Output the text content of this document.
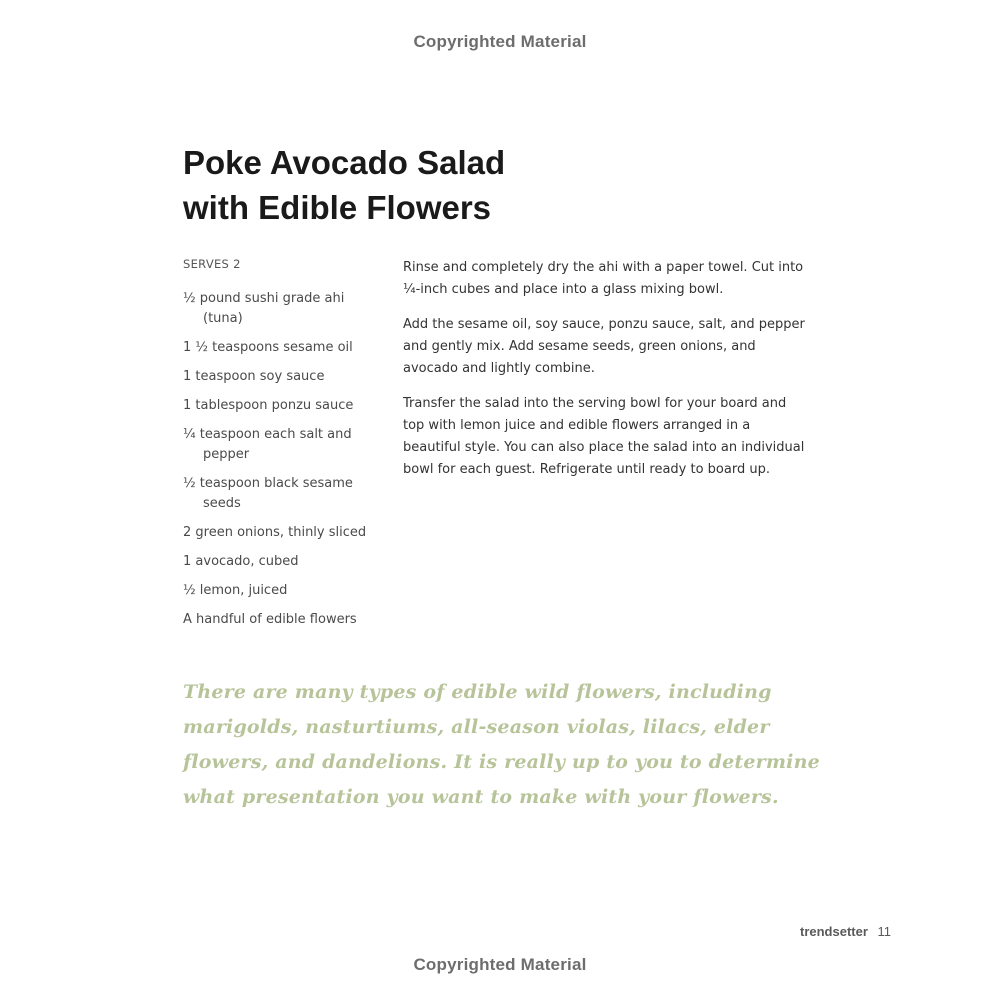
Copyrighted Material
Poke Avocado Salad
with Edible Flowers
SERVES 2
½ pound sushi grade ahi (tuna)
1 ½ teaspoons sesame oil
1 teaspoon soy sauce
1 tablespoon ponzu sauce
¼ teaspoon each salt and pepper
½ teaspoon black sesame seeds
2 green onions, thinly sliced
1 avocado, cubed
½ lemon, juiced
A handful of edible flowers

Rinse and completely dry the ahi with a paper towel. Cut into ¼-inch cubes and place into a glass mixing bowl.

Add the sesame oil, soy sauce, ponzu sauce, salt, and pepper and gently mix. Add sesame seeds, green onions, and avocado and lightly combine.

Transfer the salad into the serving bowl for your board and top with lemon juice and edible flowers arranged in a beautiful style. You can also place the salad into an individual bowl for each guest. Refrigerate until ready to board up.

There are many types of edible wild flowers, including marigolds, nasturtiums, all-season violas, lilacs, elder flowers, and dandelions. It is really up to you to determine what presentation you want to make with your flowers.

trendsetter 11
Copyrighted Material
